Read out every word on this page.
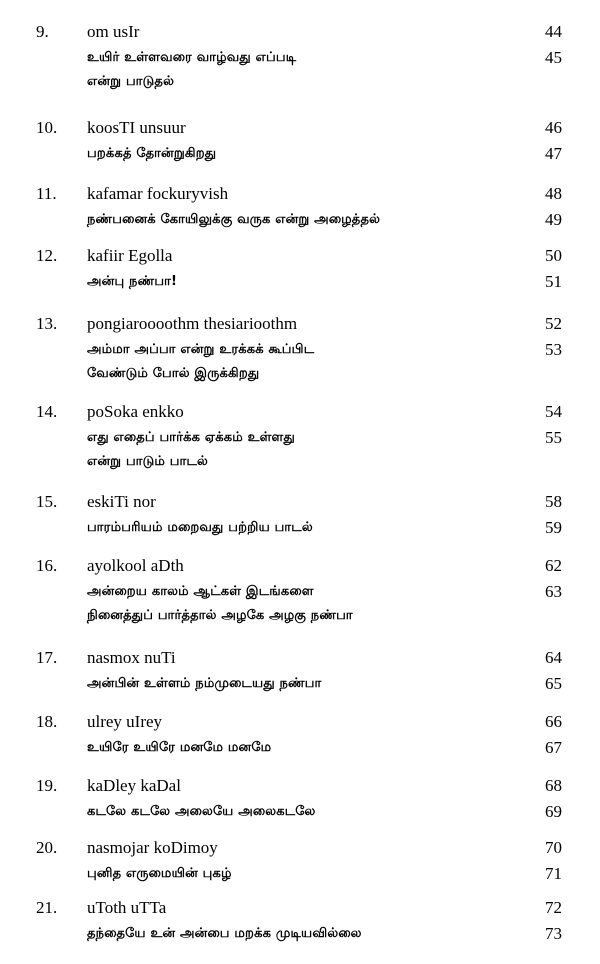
9. om usIr	44
உயிர் உள்ளவரை வாழ்வது எப்படி	45
என்று பாடுதல்
10. koosTI unsuur	46
பறக்கத் தோன்றுகிறது	47
11. kafamar fockuryvish	48
நண்பனைக் கோயிலுக்கு வருக என்று அழைத்தல்	49
12. kafiir Egolla	50
அன்பு நண்பா!	51
13. pongiaroooothm thesiarioothm	52
அம்மா அப்பா என்று உரக்கக் கூப்பிட	53
வேண்டும் போல் இருக்கிறது
14. poSoka enkko	54
எது எதைப் பார்க்க ஏக்கம் உள்ளது	55
என்று பாடும் பாடல்
15. eskiTi nor	58
பாரம்பரியம் மறைவது பற்றிய பாடல்	59
16. ayolkool aDth	62
அன்றைய காலம் ஆட்கள் இடங்களை	63
நினைத்துப் பார்த்தால் அழகே அழகு நண்பா
17. nasmox nuTi	64
அன்பின் உள்ளம் நம்முடையது நண்பா	65
18. ulrey uIrey	66
உயிரே உயிரே மனமே மனமே	67
19. kaDley kaDal	68
கடலே கடலே அலையே அலைகடலே	69
20. nasmojar koDimoy	70
புனித எருமையின் புகழ்	71
21. uToth uTTa	72
தந்தையே உன் அன்பை மறக்க முடியவில்லை	73
